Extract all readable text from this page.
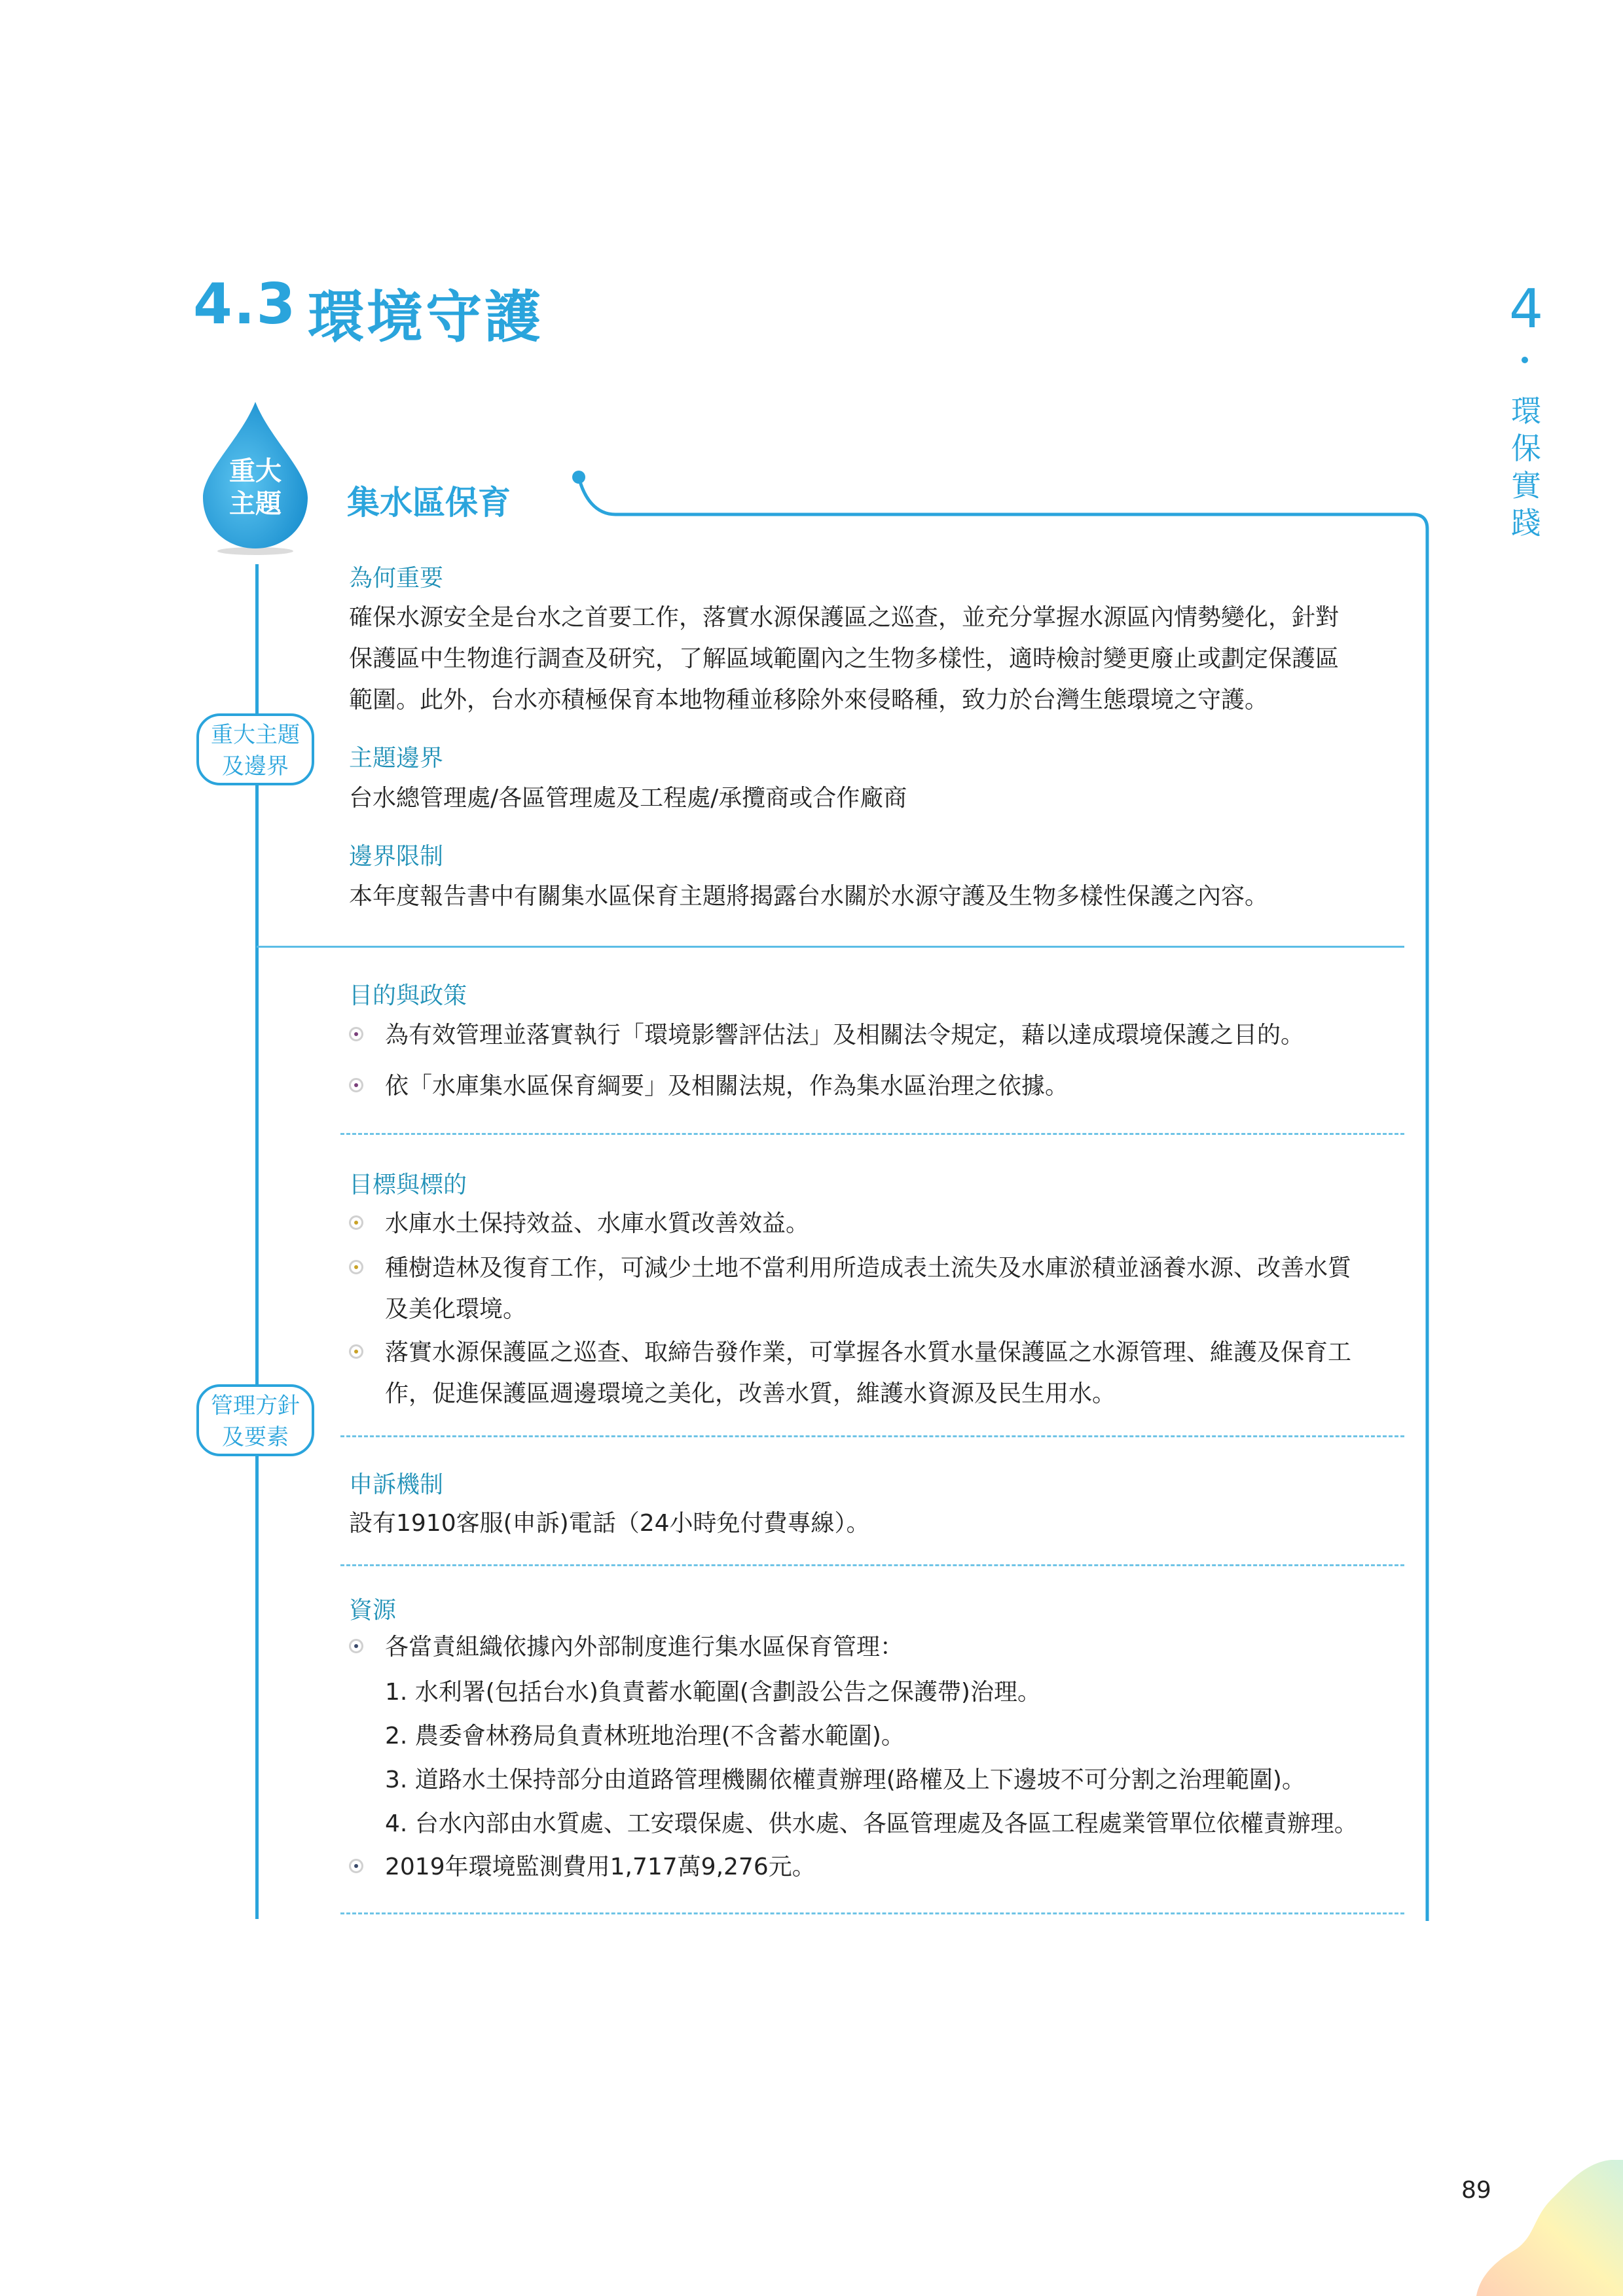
4.3 環境守護	4
環保實踐
重大
主題
重大主題
及邊界
管理方針
及要素
集水區保育
為何重要
確保水源安全是台水之首要工作，落實水源保護區之巡查，並充分掌握水源區內情勢變化，針對
保護區中生物進行調查及研究，了解區域範圍內之生物多樣性，適時檢討變更廢止或劃定保護區
範圍。此外，台水亦積極保育本地物種並移除外來侵略種，致力於台灣生態環境之守護。
主題邊界
台水總管理處/各區管理處及工程處/承攬商或合作廠商
邊界限制
本年度報告書中有關集水區保育主題將揭露台水關於水源守護及生物多樣性保護之內容。
目的與政策
為有效管理並落實執行「環境影響評估法」及相關法令規定，藉以達成環境保護之目的。
依「水庫集水區保育綱要」及相關法規，作為集水區治理之依據。
目標與標的
水庫水土保持效益、水庫水質改善效益。
種樹造林及復育工作，可減少土地不當利用所造成表土流失及水庫淤積並涵養水源、改善水質
及美化環境。
落實水源保護區之巡查、取締告發作業，可掌握各水質水量保護區之水源管理、維護及保育工
作，促進保護區週邊環境之美化，改善水質，維護水資源及民生用水。
申訴機制
設有1910客服(申訴)電話（24小時免付費專線）。
資源
各當責組織依據內外部制度進行集水區保育管理：
1. 水利署(包括台水)負責蓄水範圍(含劃設公告之保護帶)治理。
2. 農委會林務局負責林班地治理(不含蓄水範圍)。
3. 道路水土保持部分由道路管理機關依權責辦理(路權及上下邊坡不可分割之治理範圍)。
4. 台水內部由水質處、工安環保處、供水處、各區管理處及各區工程處業管單位依權責辦理。
2019年環境監測費用1,717萬9,276元。
89
